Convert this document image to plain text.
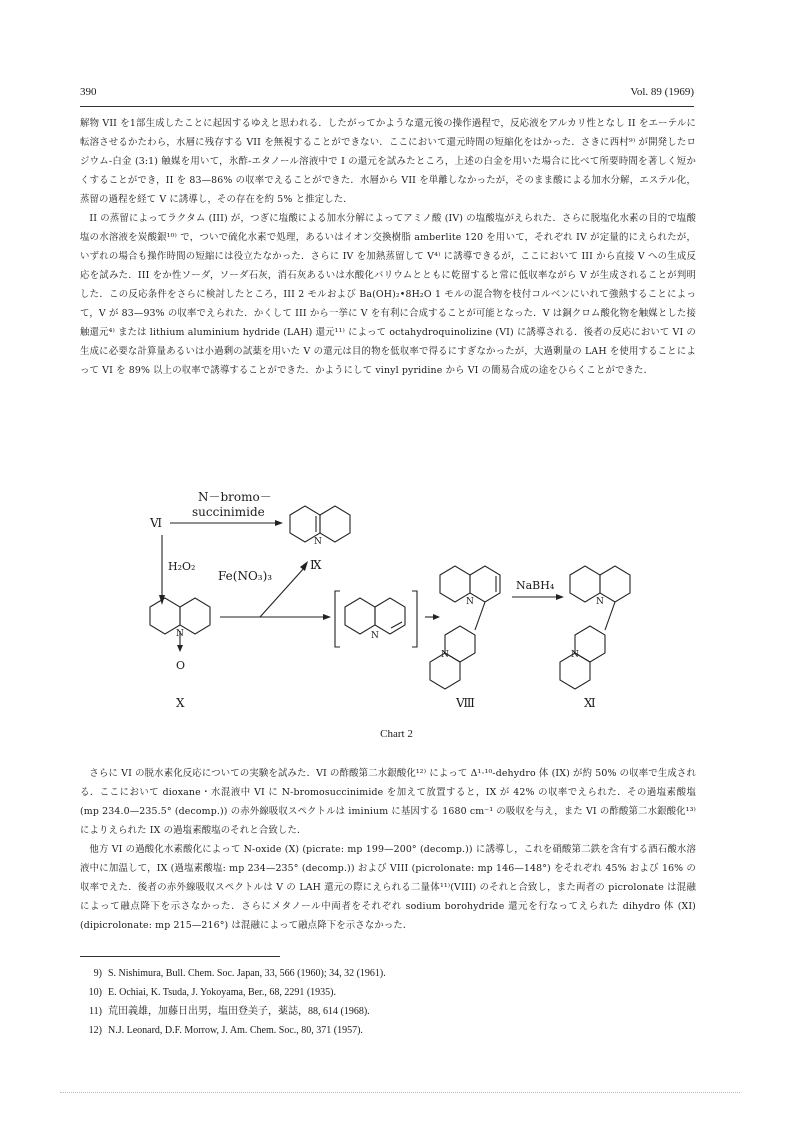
390	Vol. 89 (1969)

解物 VII を1部生成したことに起因するゆえと思われる．したがってかような還元後の操作過程で，反応液をアルカリ性となし II をエーテルに転溶させるかたわら，水層に残存する VII を無視することができない．ここにおいて還元時間の短縮化をはかった．さきに西村⁹⁾ が開発したロジウム-白金 (3:1) 触媒を用いて，氷酢-エタノール溶液中で I の還元を試みたところ，上述の白金を用いた場合に比べて所要時間を著しく短かくすることができ，II を 83—86% の収率でえることができた．水層から VII を単離しなかったが，そのまま酸による加水分解，エステル化，蒸留の過程を経て V に誘導し，その存在を約 5% と推定した．

II の蒸留によってラクタム (III) が，つぎに塩酸による加水分解によってアミノ酸 (IV) の塩酸塩がえられた．さらに脱塩化水素の目的で塩酸塩の水溶液を炭酸銀¹⁰⁾ で，ついで硫化水素で処理，あるいはイオン交換樹脂 amberlite 120 を用いて，それぞれ IV が定量的にえられたが，いずれの場合も操作時間の短縮には役立たなかった．さらに IV を加熱蒸留して V⁴⁾ に誘導できるが，ここにおいて III から直接 V への生成反応を試みた．III をか性ソーダ，ソーダ石灰，消石灰あるいは水酸化バリウムとともに乾留すると常に低収率ながら V が生成されることが判明した．この反応条件をさらに検討したところ，III 2 モルおよび Ba(OH)₂•8H₂O 1 モルの混合物を枝付コルベンにいれて強熱することによって，V が 83—93% の収率でえられた．かくして III から一挙に V を有利に合成することが可能となった．V は銅クロム酸化物を触媒とした接触還元⁴⁾ または lithium aluminium hydride (LAH) 還元¹¹⁾ によって octahydroquinolizine (VI) に誘導される．後者の反応において VI の生成に必要な計算量あるいは小過剰の試薬を用いた V の還元は目的物を低収率で得るにすぎなかったが，大過剰量の LAH を使用することによって VI を 89% 以上の収率で誘導することができた．かようにして vinyl pyridine から VI の簡易合成の途をひらくことができた．

N－bromo－
succinimide
Ⅵ
N
Ⅸ
H₂O₂
Fe(NO₃)₃
N
O
Ⅹ
N
N
N
Ⅷ
NaBH₄
N
N
Ⅺ
Chart 2

さらに VI の脱水素化反応についての実験を試みた．VI の酢酸第二水銀酸化¹²⁾ によって Δ¹·¹⁰-dehydro 体 (IX) が約 50% の収率で生成される．ここにおいて dioxane・水混液中 VI に N-bromosuccinimide を加えて放置すると，IX が 42% の収率でえられた．その過塩素酸塩 (mp 234.0—235.5° (decomp.)) の赤外線吸収スペクトルは iminium に基因する 1680 cm⁻¹ の吸収を与え，また VI の酢酸第二水銀酸化¹³⁾ によりえられた IX の過塩素酸塩のそれと合致した．

他方 VI の過酸化水素酸化によって N-oxide (X) (picrate: mp 199—200° (decomp.)) に誘導し，これを硝酸第二鉄を含有する酒石酸水溶液中に加温して，IX (過塩素酸塩: mp 234—235° (decomp.)) および VIII (picrolonate: mp 146—148°) をそれぞれ 45% および 16% の収率でえた．後者の赤外線吸収スペクトルは V の LAH 還元の際にえられる二量体¹¹⁾(VIII) のそれと合致し，また両者の picrolonate は混融によって融点降下を示さなかった．さらにメタノール中両者をそれぞれ sodium borohydride 還元を行なってえられた dihydro 体 (XI) (dipicrolonate: mp 215—216°) は混融によって融点降下を示さなかった．

9) S. Nishimura, Bull. Chem. Soc. Japan, 33, 566 (1960); 34, 32 (1961).
10) E. Ochiai, K. Tsuda, J. Yokoyama, Ber., 68, 2291 (1935).
11) 荒田義雄，加藤日出男，塩田登美子，薬誌，88, 614 (1968).
12) N.J. Leonard, D.F. Morrow, J. Am. Chem. Soc., 80, 371 (1957).
